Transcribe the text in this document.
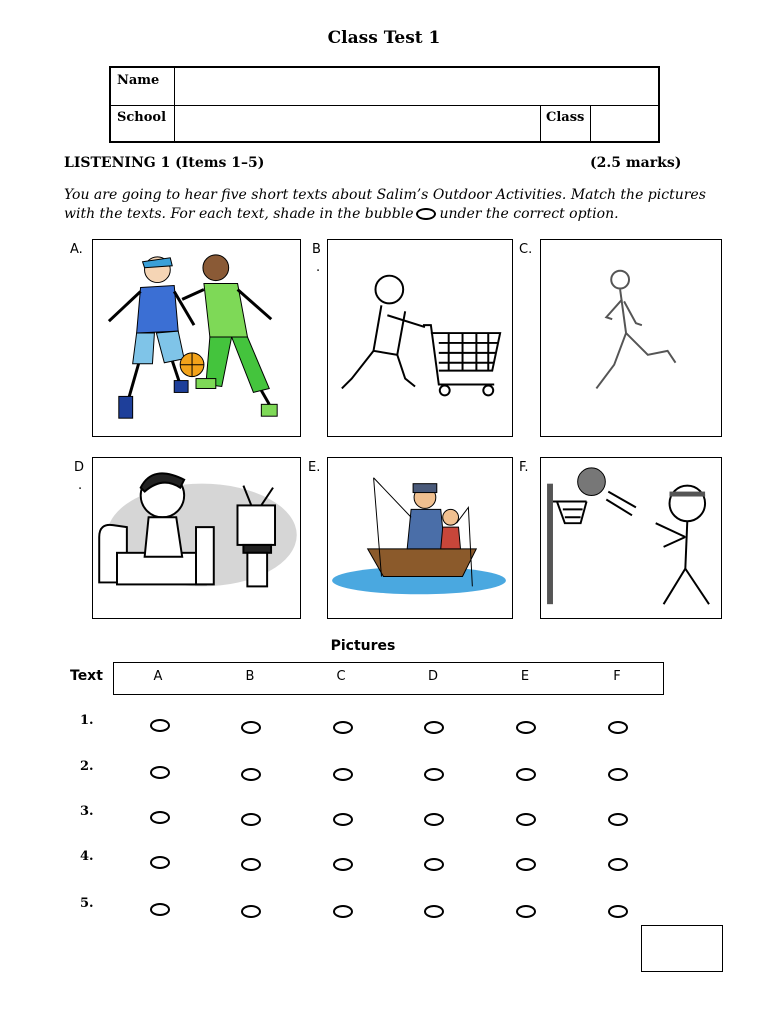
Class Test 1
Name
School	Class
LISTENING 1 (Items 1–5)	(2.5 marks)
You are going to hear five short texts about Salim’s Outdoor Activities. Match the pictures with the texts. For each text, shade in the bubble under the correct option.
A.	B
.
C.
D
.
E.	F.
Pictures
Text	A	B	C	D	E	F
1.
2.
3.
4.
5.
